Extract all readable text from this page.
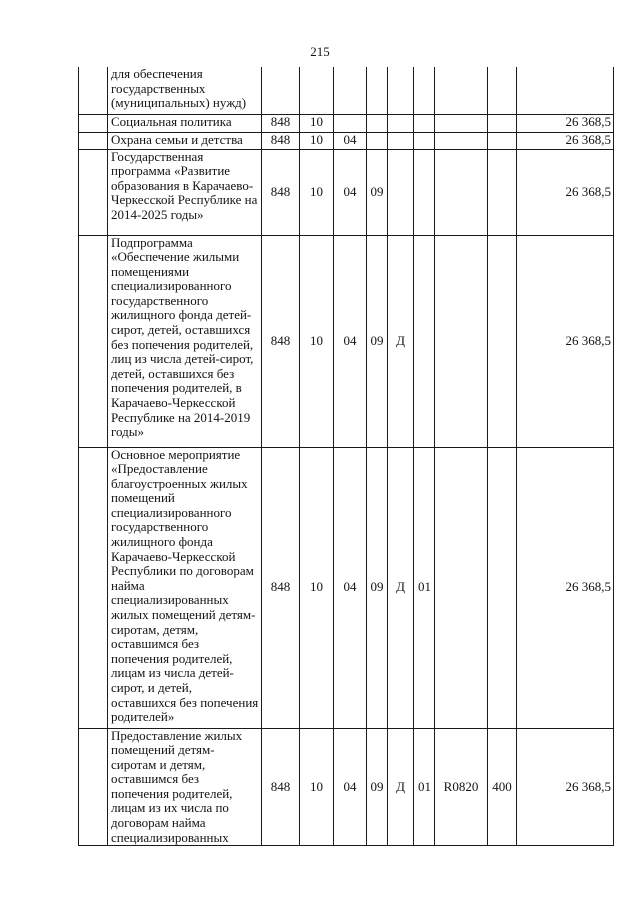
215
	для обеспечения государственных (муниципальных) нужд)									
	Социальная политика	848	10							26 368,5
	Охрана семьи и детства	848	10	04						26 368,5
	Государственная программа «Развитие образования в Карачаево-Черкесской Республике на 2014-2025 годы»	848	10	04	09					26 368,5
	Подпрограмма «Обеспечение жилыми помещениями специализированного государственного жилищного фонда детей-сирот, детей, оставшихся без попечения родителей, лиц из числа детей-сирот, детей, оставшихся без попечения родителей, в Карачаево-Черкесской Республике на 2014-2019 годы»	848	10	04	09	Д				26 368,5
	Основное мероприятие «Предоставление благоустроенных жилых помещений специализированного государственного жилищного фонда Карачаево-Черкесской Республики по договорам найма специализированных жилых помещений детям-сиротам, детям, оставшимся без попечения родителей, лицам из числа детей-сирот, и детей, оставшихся без попечения родителей»	848	10	04	09	Д	01			26 368,5
	Предоставление жилых помещений детям-сиротам и детям, оставшимся без попечения родителей, лицам из их числа по договорам найма специализированных	848	10	04	09	Д	01	R0820	400	26 368,5
